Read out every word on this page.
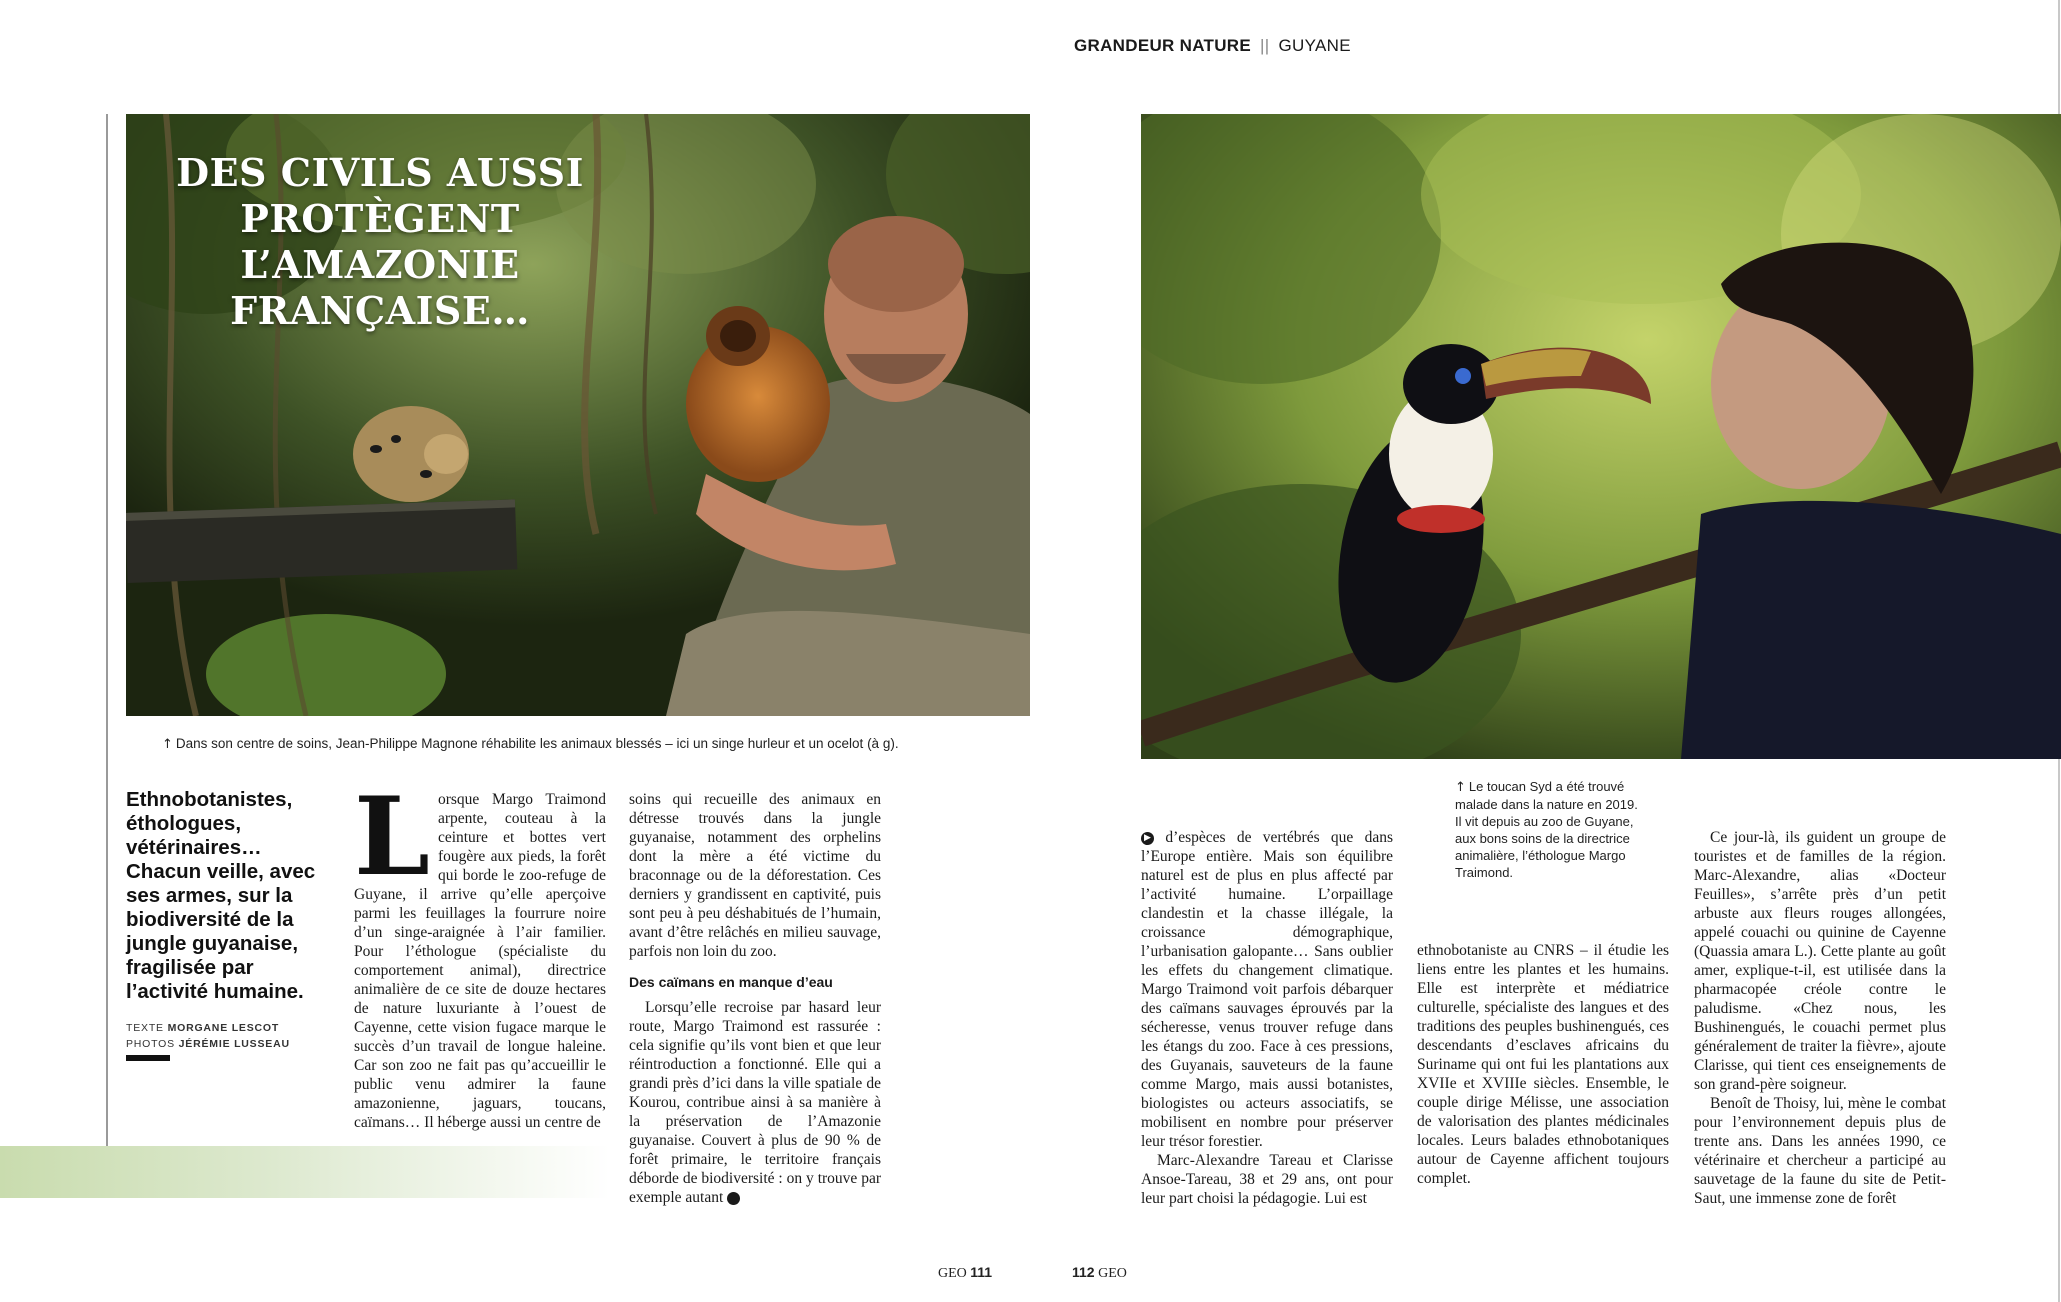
GRANDEUR NATURE || GUYANE
DES CIVILS AUSSI PROTÈGENT L’AMAZONIE FRANÇAISE…
↑ Dans son centre de soins, Jean-Philippe Magnone réhabilite les animaux blessés – ici un singe hurleur et un ocelot (à g).
↑ Le toucan Syd a été trouvé malade dans la nature en 2019. Il vit depuis au zoo de Guyane, aux bons soins de la directrice animalière, l’éthologue Margo Traimond.
Ethnobotanistes, éthologues, vétérinaires… Chacun veille, avec ses armes, sur la biodiversité de la jungle guyanaise, fragilisée par l’activité humaine.
TEXTE MORGANE LESCOT
PHOTOS JÉRÉMIE LUSSEAU

Lorsque Margo Traimond arpente, couteau à la ceinture et bottes vert fougère aux pieds, la forêt qui borde le zoo-refuge de Guyane, il arrive qu’elle aperçoive parmi les feuillages la fourrure noire d’un singe-araignée à l’air familier. Pour l’éthologue (spécialiste du comportement animal), directrice animalière de ce site de douze hectares de nature luxuriante à l’ouest de Cayenne, cette vision fugace marque le succès d’un travail de longue haleine. Car son zoo ne fait pas qu’accueillir le public venu admirer la faune amazonienne, jaguars, toucans, caïmans… Il héberge aussi un centre de

soins qui recueille des animaux en détresse trouvés dans la jungle guyanaise, notamment des orphelins dont la mère a été victime du braconnage ou de la déforestation. Ces derniers y grandissent en captivité, puis sont peu à peu déshabitués de l’humain, avant d’être relâchés en milieu sauvage, parfois non loin du zoo.

Des caïmans en manque d’eau

Lorsqu’elle recroise par hasard leur route, Margo Traimond est rassurée : cela signifie qu’ils vont bien et que leur réintroduction a fonctionné. Elle qui a grandi près d’ici dans la ville spatiale de Kourou, contribue ainsi à sa manière à la préservation de l’Amazonie guyanaise. Couvert à plus de 90 % de forêt primaire, le territoire français déborde de biodiversité : on y trouve par exemple autant ▶

▶ d’espèces de vertébrés que dans l’Europe entière. Mais son équilibre naturel est de plus en plus affecté par l’activité humaine. L’orpaillage clandestin et la chasse illégale, la croissance démographique, l’urbanisation galopante… Sans oublier les effets du changement climatique. Margo Traimond voit parfois débarquer des caïmans sauvages éprouvés par la sécheresse, venus trouver refuge dans les étangs du zoo. Face à ces pressions, des Guyanais, sauveteurs de la faune comme Margo, mais aussi botanistes, biologistes ou acteurs associatifs, se mobilisent en nombre pour préserver leur trésor forestier.

Marc-Alexandre Tareau et Clarisse Ansoe-Tareau, 38 et 29 ans, ont pour leur part choisi la pédagogie. Lui est

ethnobotaniste au CNRS – il étudie les liens entre les plantes et les humains. Elle est interprète et médiatrice culturelle, spécialiste des langues et des traditions des peuples bushinengués, ces descendants d’esclaves africains du Suriname qui ont fui les plantations aux XVIIe et XVIIIe siècles. Ensemble, le couple dirige Mélisse, une association de valorisation des plantes médicinales locales. Leurs balades ethnobotaniques autour de Cayenne affichent toujours complet.

Ce jour-là, ils guident un groupe de touristes et de familles de la région. Marc-Alexandre, alias «Docteur Feuilles», s’arrête près d’un petit arbuste aux fleurs rouges allongées, appelé couachi ou quinine de Cayenne (Quassia amara L.). Cette plante au goût amer, explique-t-il, est utilisée dans la pharmacopée créole contre le paludisme. «Chez nous, les Bushinengués, le couachi permet plus généralement de traiter la fièvre», ajoute Clarisse, qui tient ces enseignements de son grand-père soigneur.

Benoît de Thoisy, lui, mène le combat pour l’environnement depuis plus de trente ans. Dans les années 1990, ce vétérinaire et chercheur a participé au sauvetage de la faune du site de Petit-Saut, une immense zone de forêt

GEO 111	112 GEO
